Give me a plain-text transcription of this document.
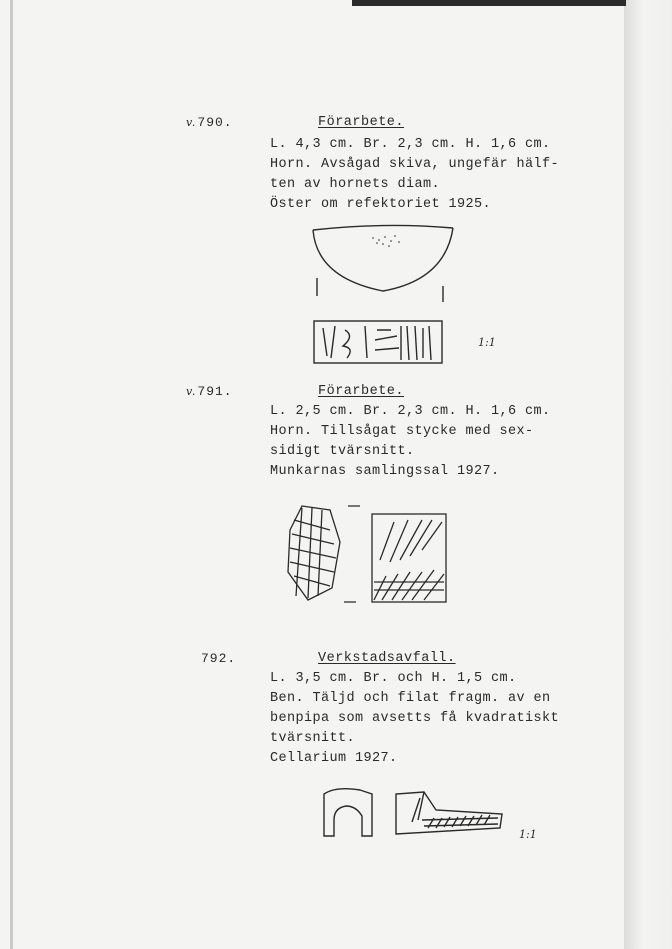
v.790.	Förarbete.
L. 4,3 cm. Br. 2,3 cm. H. 1,6 cm.
Horn. Avsågad skiva, ungefär hälf-
ten av hornets diam.
Öster om refektoriet 1925.
1:1
v.791.	Förarbete.
L. 2,5 cm. Br. 2,3 cm. H. 1,6 cm.
Horn. Tillsågat stycke med sex-
sidigt tvärsnitt.
Munkarnas samlingssal 1927.
792.	Verkstadsavfall.
L. 3,5 cm. Br. och H. 1,5 cm.
Ben. Täljd och filat fragm. av en
benpipa som avsetts få kvadratiskt
tvärsnitt.
Cellarium 1927.
1:1
